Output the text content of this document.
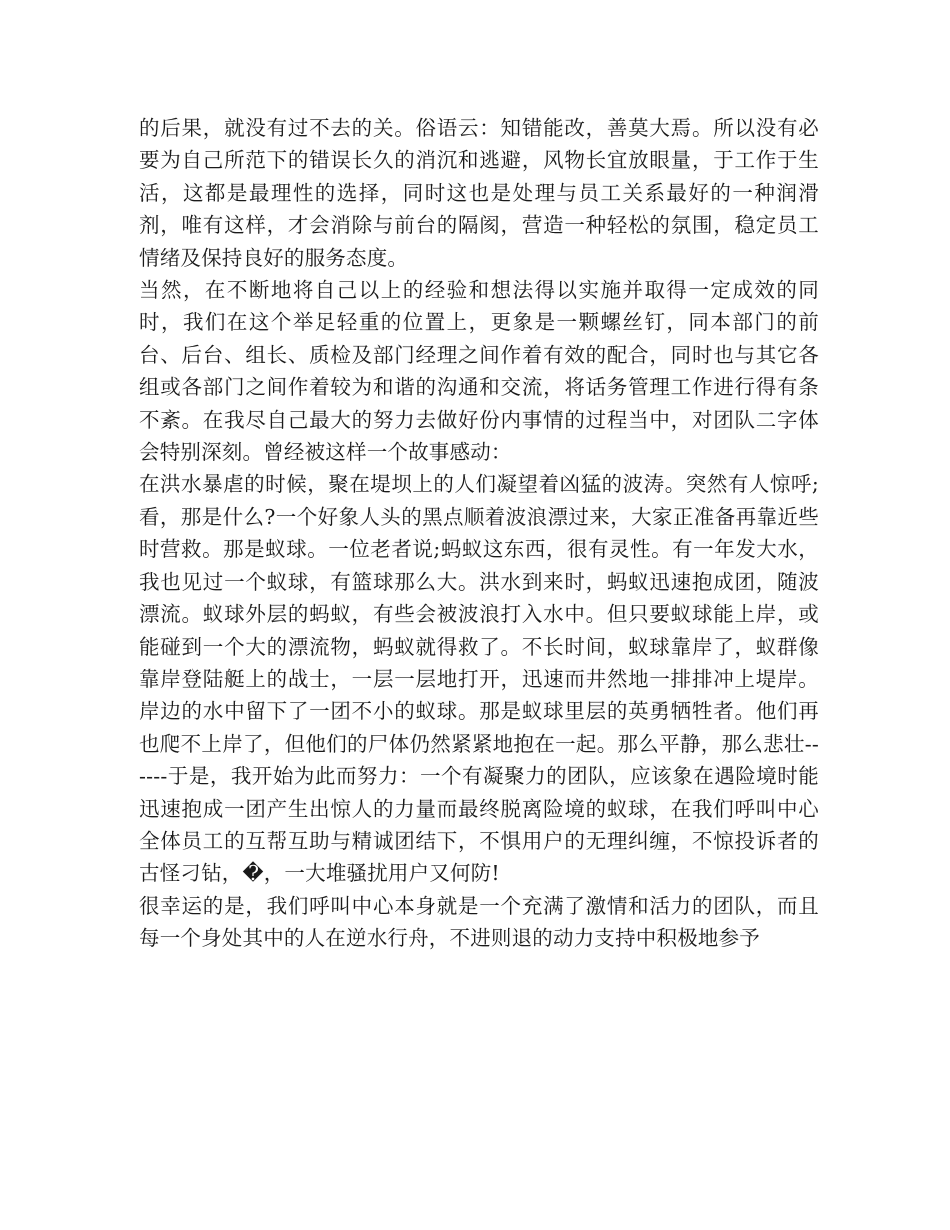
的后果，就没有过不去的关。俗语云：知错能改，善莫大焉。所以没有必要为自己所范下的错误长久的消沉和逃避，风物长宜放眼量，于工作于生活，这都是最理性的选择，同时这也是处理与员工关系最好的一种润滑剂，唯有这样，才会消除与前台的隔阂，营造一种轻松的氛围，稳定员工情绪及保持良好的服务态度。

当然，在不断地将自己以上的经验和想法得以实施并取得一定成效的同时，我们在这个举足轻重的位置上，更象是一颗螺丝钉，同本部门的前台、后台、组长、质检及部门经理之间作着有效的配合，同时也与其它各组或各部门之间作着较为和谐的沟通和交流，将话务管理工作进行得有条不紊。在我尽自己最大的努力去做好份内事情的过程当中，对团队二字体会特别深刻。曾经被这样一个故事感动：

在洪水暴虐的时候，聚在堤坝上的人们凝望着凶猛的波涛。突然有人惊呼;看，那是什么?一个好象人头的黑点顺着波浪漂过来，大家正准备再靠近些时营救。那是蚁球。一位老者说;蚂蚁这东西，很有灵性。有一年发大水，我也见过一个蚁球，有篮球那么大。洪水到来时，蚂蚁迅速抱成团，随波漂流。蚁球外层的蚂蚁，有些会被波浪打入水中。但只要蚁球能上岸，或能碰到一个大的漂流物，蚂蚁就得救了。不长时间，蚁球靠岸了，蚁群像靠岸登陆艇上的战士，一层一层地打开，迅速而井然地一排排冲上堤岸。岸边的水中留下了一团不小的蚁球。那是蚁球里层的英勇牺牲者。他们再也爬不上岸了，但他们的尸体仍然紧紧地抱在一起。那么平静，那么悲壮------于是，我开始为此而努力：一个有凝聚力的团队，应该象在遇险境时能迅速抱成一团产生出惊人的力量而最终脱离险境的蚁球，在我们呼叫中心全体员工的互帮互助与精诚团结下，不惧用户的无理纠缠，不惊投诉者的古怪刁钻，�，一大堆骚扰用户又何防!

很幸运的是，我们呼叫中心本身就是一个充满了激情和活力的团队，而且每一个身处其中的人在逆水行舟，不进则退的动力支持中积极地参予
